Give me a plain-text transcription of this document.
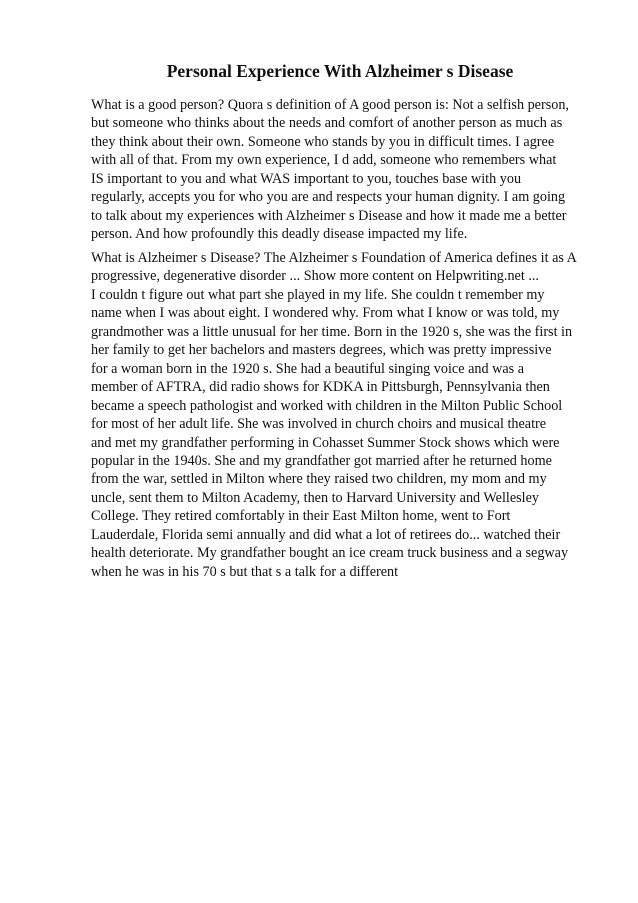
Personal Experience With Alzheimer s Disease
What is a good person? Quora s definition of A good person is: Not a selfish person,
but someone who thinks about the needs and comfort of another person as much as
they think about their own. Someone who stands by you in difficult times. I agree
with all of that. From my own experience, I d add, someone who remembers what
IS important to you and what WAS important to you, touches base with you
regularly, accepts you for who you are and respects your human dignity. I am going
to talk about my experiences with Alzheimer s Disease and how it made me a better
person. And how profoundly this deadly disease impacted my life.
What is Alzheimer s Disease? The Alzheimer s Foundation of America defines it as A
progressive, degenerative disorder ... Show more content on Helpwriting.net ...
I couldn t figure out what part she played in my life. She couldn t remember my
name when I was about eight. I wondered why. From what I know or was told, my
grandmother was a little unusual for her time. Born in the 1920 s, she was the first in
her family to get her bachelors and masters degrees, which was pretty impressive
for a woman born in the 1920 s. She had a beautiful singing voice and was a
member of AFTRA, did radio shows for KDKA in Pittsburgh, Pennsylvania then
became a speech pathologist and worked with children in the Milton Public School
for most of her adult life. She was involved in church choirs and musical theatre
and met my grandfather performing in Cohasset Summer Stock shows which were
popular in the 1940s. She and my grandfather got married after he returned home
from the war, settled in Milton where they raised two children, my mom and my
uncle, sent them to Milton Academy, then to Harvard University and Wellesley
College. They retired comfortably in their East Milton home, went to Fort
Lauderdale, Florida semi annually and did what a lot of retirees do... watched their
health deteriorate. My grandfather bought an ice cream truck business and a segway
when he was in his 70 s but that s a talk for a different
